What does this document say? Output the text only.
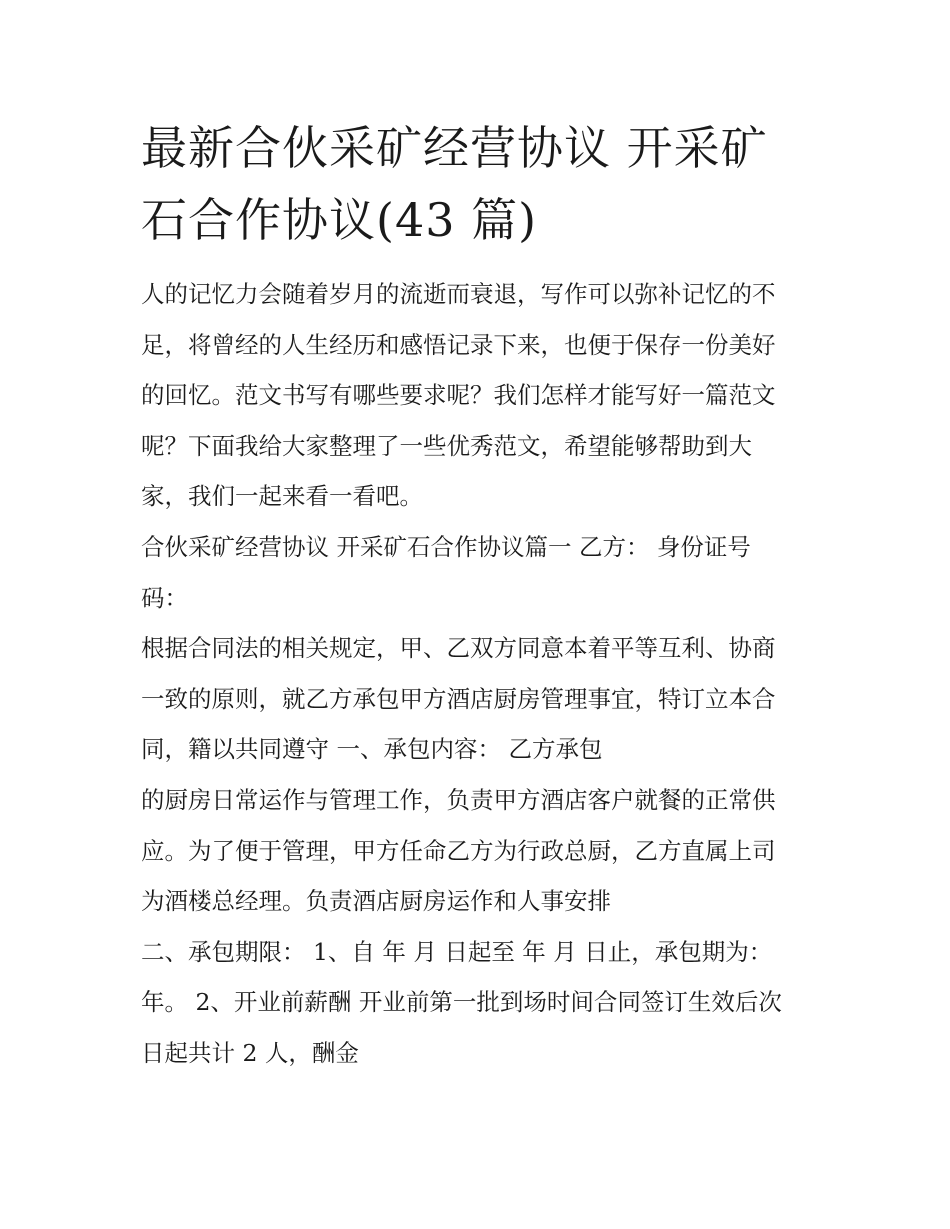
最新合伙采矿经营协议 开采矿
石合作协议(43 篇)
人的记忆力会随着岁月的流逝而衰退，写作可以弥补记忆的不
足，将曾经的人生经历和感悟记录下来，也便于保存一份美好
的回忆。范文书写有哪些要求呢？我们怎样才能写好一篇范文
呢？下面我给大家整理了一些优秀范文，希望能够帮助到大
家，我们一起来看一看吧。
合伙采矿经营协议 开采矿石合作协议篇一 乙方： 身份证号
码：
根据合同法的相关规定，甲、乙双方同意本着平等互利、协商
一致的原则，就乙方承包甲方酒店厨房管理事宜，特订立本合
同，籍以共同遵守 一、承包内容： 乙方承包
的厨房日常运作与管理工作，负责甲方酒店客户就餐的正常供
应。为了便于管理，甲方任命乙方为行政总厨，乙方直属上司
为酒楼总经理。负责酒店厨房运作和人事安排
二、承包期限： 1、自 年 月 日起至 年 月 日止，承包期为：
年。 2、开业前薪酬 开业前第一批到场时间合同签订生效后次
日起共计 2 人，酬金
